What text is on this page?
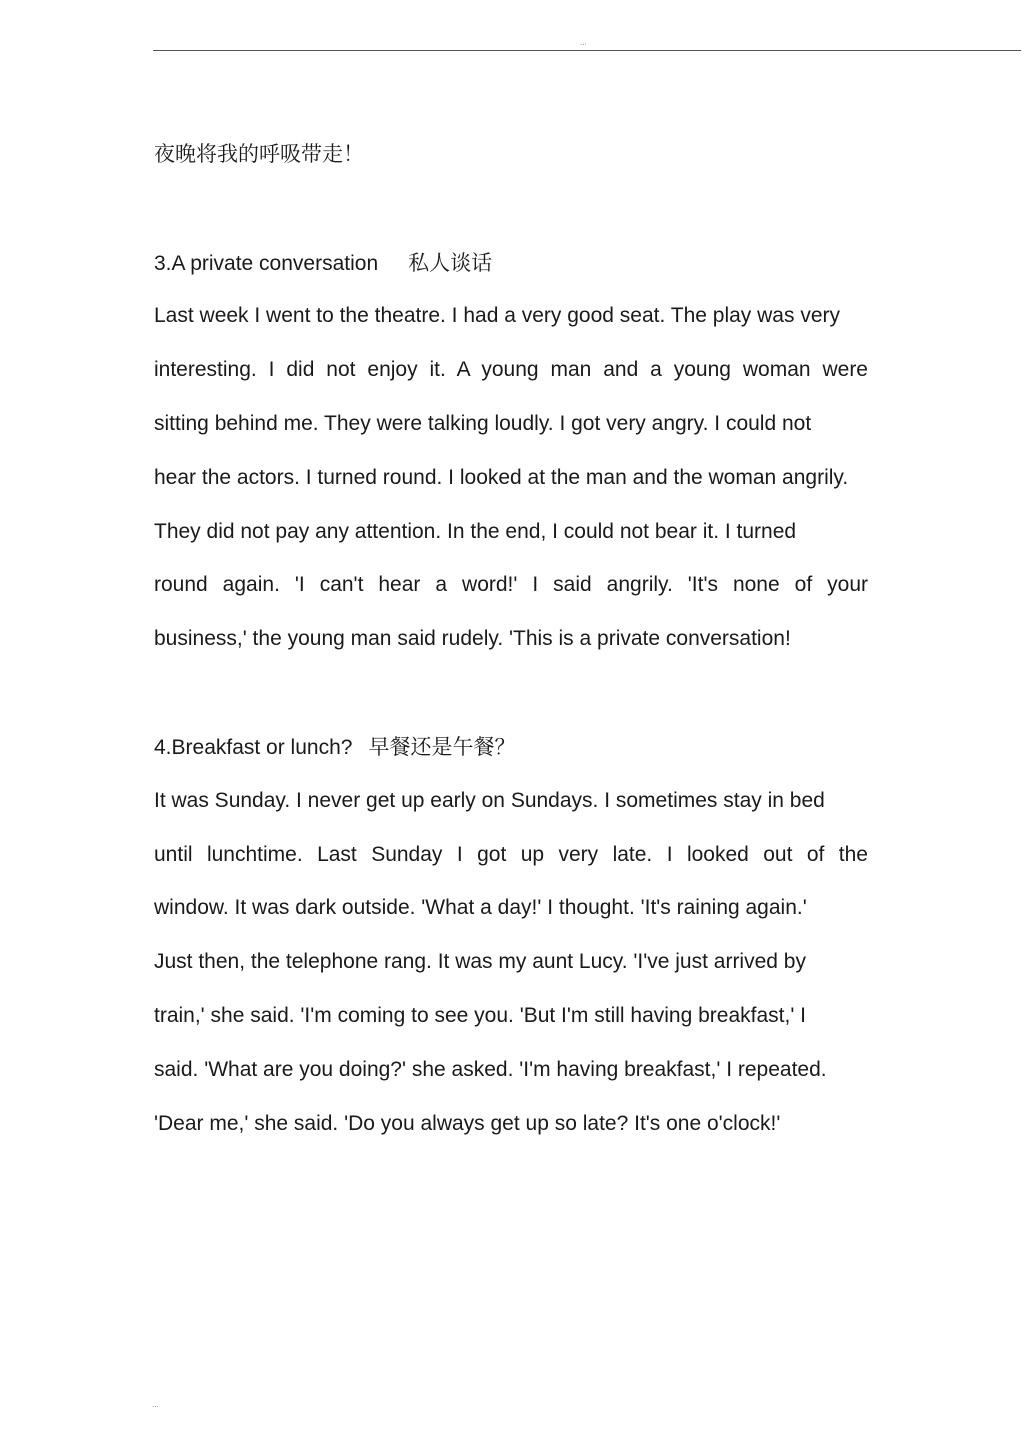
...
夜晚将我的呼吸带走！
3.A private conversation 私人谈话
Last week I went to the theatre. I had a very good seat. The play was very
interesting. I did not enjoy it. A young man and a young woman were
sitting behind me. They were talking loudly. I got very angry. I could not
hear the actors. I turned round. I looked at the man and the woman angrily.
They did not pay any attention. In the end, I could not bear it. I turned
round again. 'I can't hear a word!' I said angrily. 'It's none of your
business,' the young man said rudely. 'This is a private conversation!
4.Breakfast or lunch? 早餐还是午餐？
It was Sunday. I never get up early on Sundays. I sometimes stay in bed
until lunchtime. Last Sunday I got up very late. I looked out of the
window. It was dark outside. 'What a day!' I thought. 'It's raining again.'
Just then, the telephone rang. It was my aunt Lucy. 'I've just arrived by
train,' she said. 'I'm coming to see you. 'But I'm still having breakfast,' I
said. 'What are you doing?' she asked. 'I'm having breakfast,' I repeated.
'Dear me,' she said. 'Do you always get up so late? It's one o'clock!'
...
